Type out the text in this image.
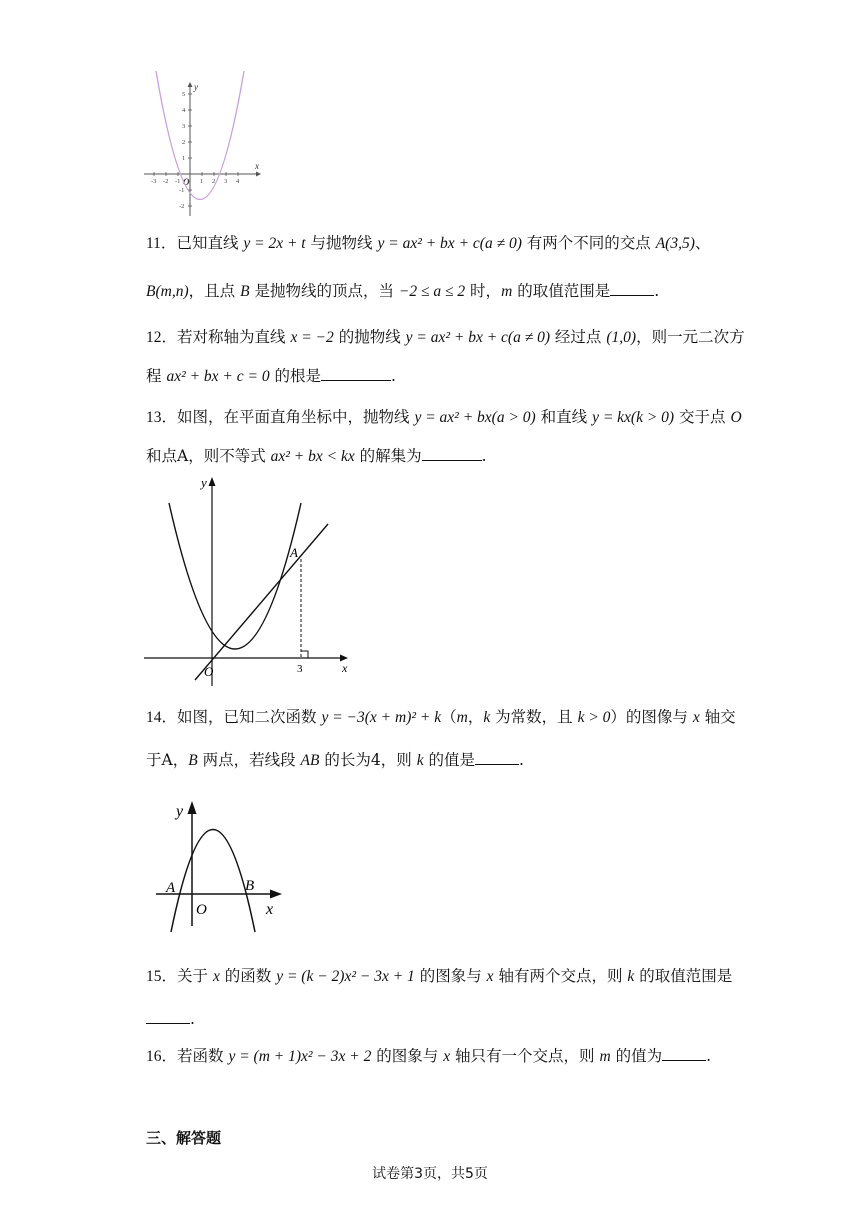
-3 -2 -1	1 2 3 4
5
4
3
2
1
-1
-2
x
y
O
11．已知直线 y = 2x + t 与抛物线 y = ax² + bx + c(a ≠ 0) 有两个不同的交点 A(3,5)、
B(m,n)，且点 B 是抛物线的顶点，当 −2 ≤ a ≤ 2 时，m 的取值范围是	.
12．若对称轴为直线 x = −2 的抛物线 y = ax² + bx + c(a ≠ 0) 经过点 (1,0)，则一元二次方
程 ax² + bx + c = 0 的根是	.
13．如图，在平面直角坐标中，抛物线 y = ax² + bx(a > 0) 和直线 y = kx(k > 0) 交于点 O
和点A，则不等式 ax² + bx < kx 的解集为	.
A
3
O	x
y
14．如图，已知二次函数 y = −3(x + m)² + k（m，k 为常数，且 k > 0）的图像与 x 轴交
于A，B 两点，若线段 AB 的长为4，则 k 的值是	.
y
A	B
O	x
15．关于 x 的函数 y = (k − 2)x² − 3x + 1 的图象与 x 轴有两个交点，则 k 的取值范围是
.
16．若函数 y = (m + 1)x² − 3x + 2 的图象与 x 轴只有一个交点，则 m 的值为	.
三、解答题
试卷第3页，共5页
